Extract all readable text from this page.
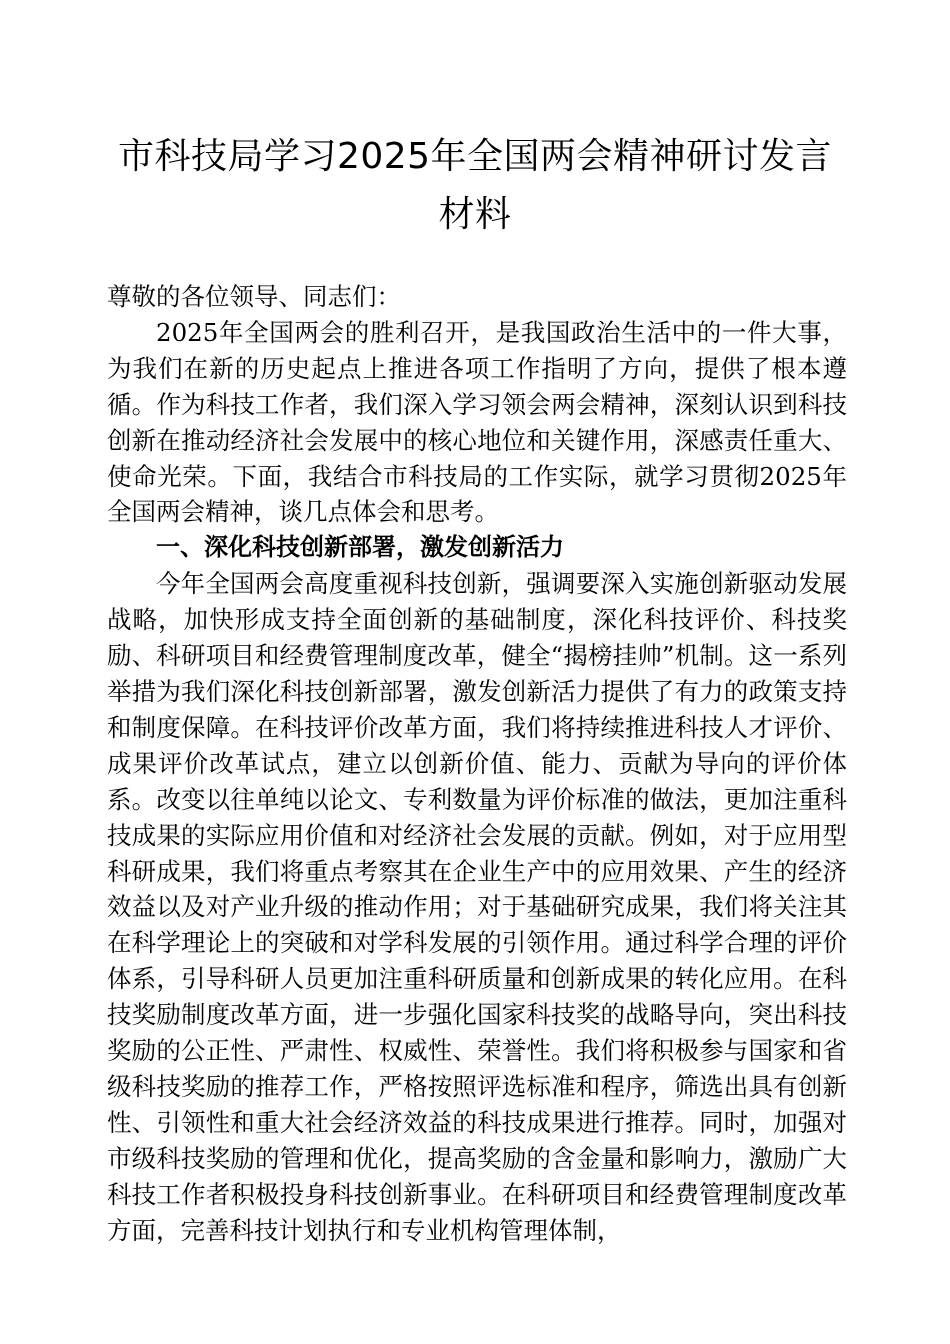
市科技局学习2025年全国两会精神研讨发言材料

尊敬的各位领导、同志们：

2025年全国两会的胜利召开，是我国政治生活中的一件大事，为我们在新的历史起点上推进各项工作指明了方向，提供了根本遵循。作为科技工作者，我们深入学习领会两会精神，深刻认识到科技创新在推动经济社会发展中的核心地位和关键作用，深感责任重大、使命光荣。下面，我结合市科技局的工作实际，就学习贯彻2025年全国两会精神，谈几点体会和思考。

一、深化科技创新部署，激发创新活力

今年全国两会高度重视科技创新，强调要深入实施创新驱动发展战略，加快形成支持全面创新的基础制度，深化科技评价、科技奖励、科研项目和经费管理制度改革，健全“揭榜挂帅”机制。这一系列举措为我们深化科技创新部署，激发创新活力提供了有力的政策支持和制度保障。在科技评价改革方面，我们将持续推进科技人才评价、成果评价改革试点，建立以创新价值、能力、贡献为导向的评价体系。改变以往单纯以论文、专利数量为评价标准的做法，更加注重科技成果的实际应用价值和对经济社会发展的贡献。例如，对于应用型科研成果，我们将重点考察其在企业生产中的应用效果、产生的经济效益以及对产业升级的推动作用；对于基础研究成果，我们将关注其在科学理论上的突破和对学科发展的引领作用。通过科学合理的评价体系，引导科研人员更加注重科研质量和创新成果的转化应用。在科技奖励制度改革方面，进一步强化国家科技奖的战略导向，突出科技奖励的公正性、严肃性、权威性、荣誉性。我们将积极参与国家和省级科技奖励的推荐工作，严格按照评选标准和程序，筛选出具有创新性、引领性和重大社会经济效益的科技成果进行推荐。同时，加强对市级科技奖励的管理和优化，提高奖励的含金量和影响力，激励广大科技工作者积极投身科技创新事业。在科研项目和经费管理制度改革方面，完善科技计划执行和专业机构管理体制，
